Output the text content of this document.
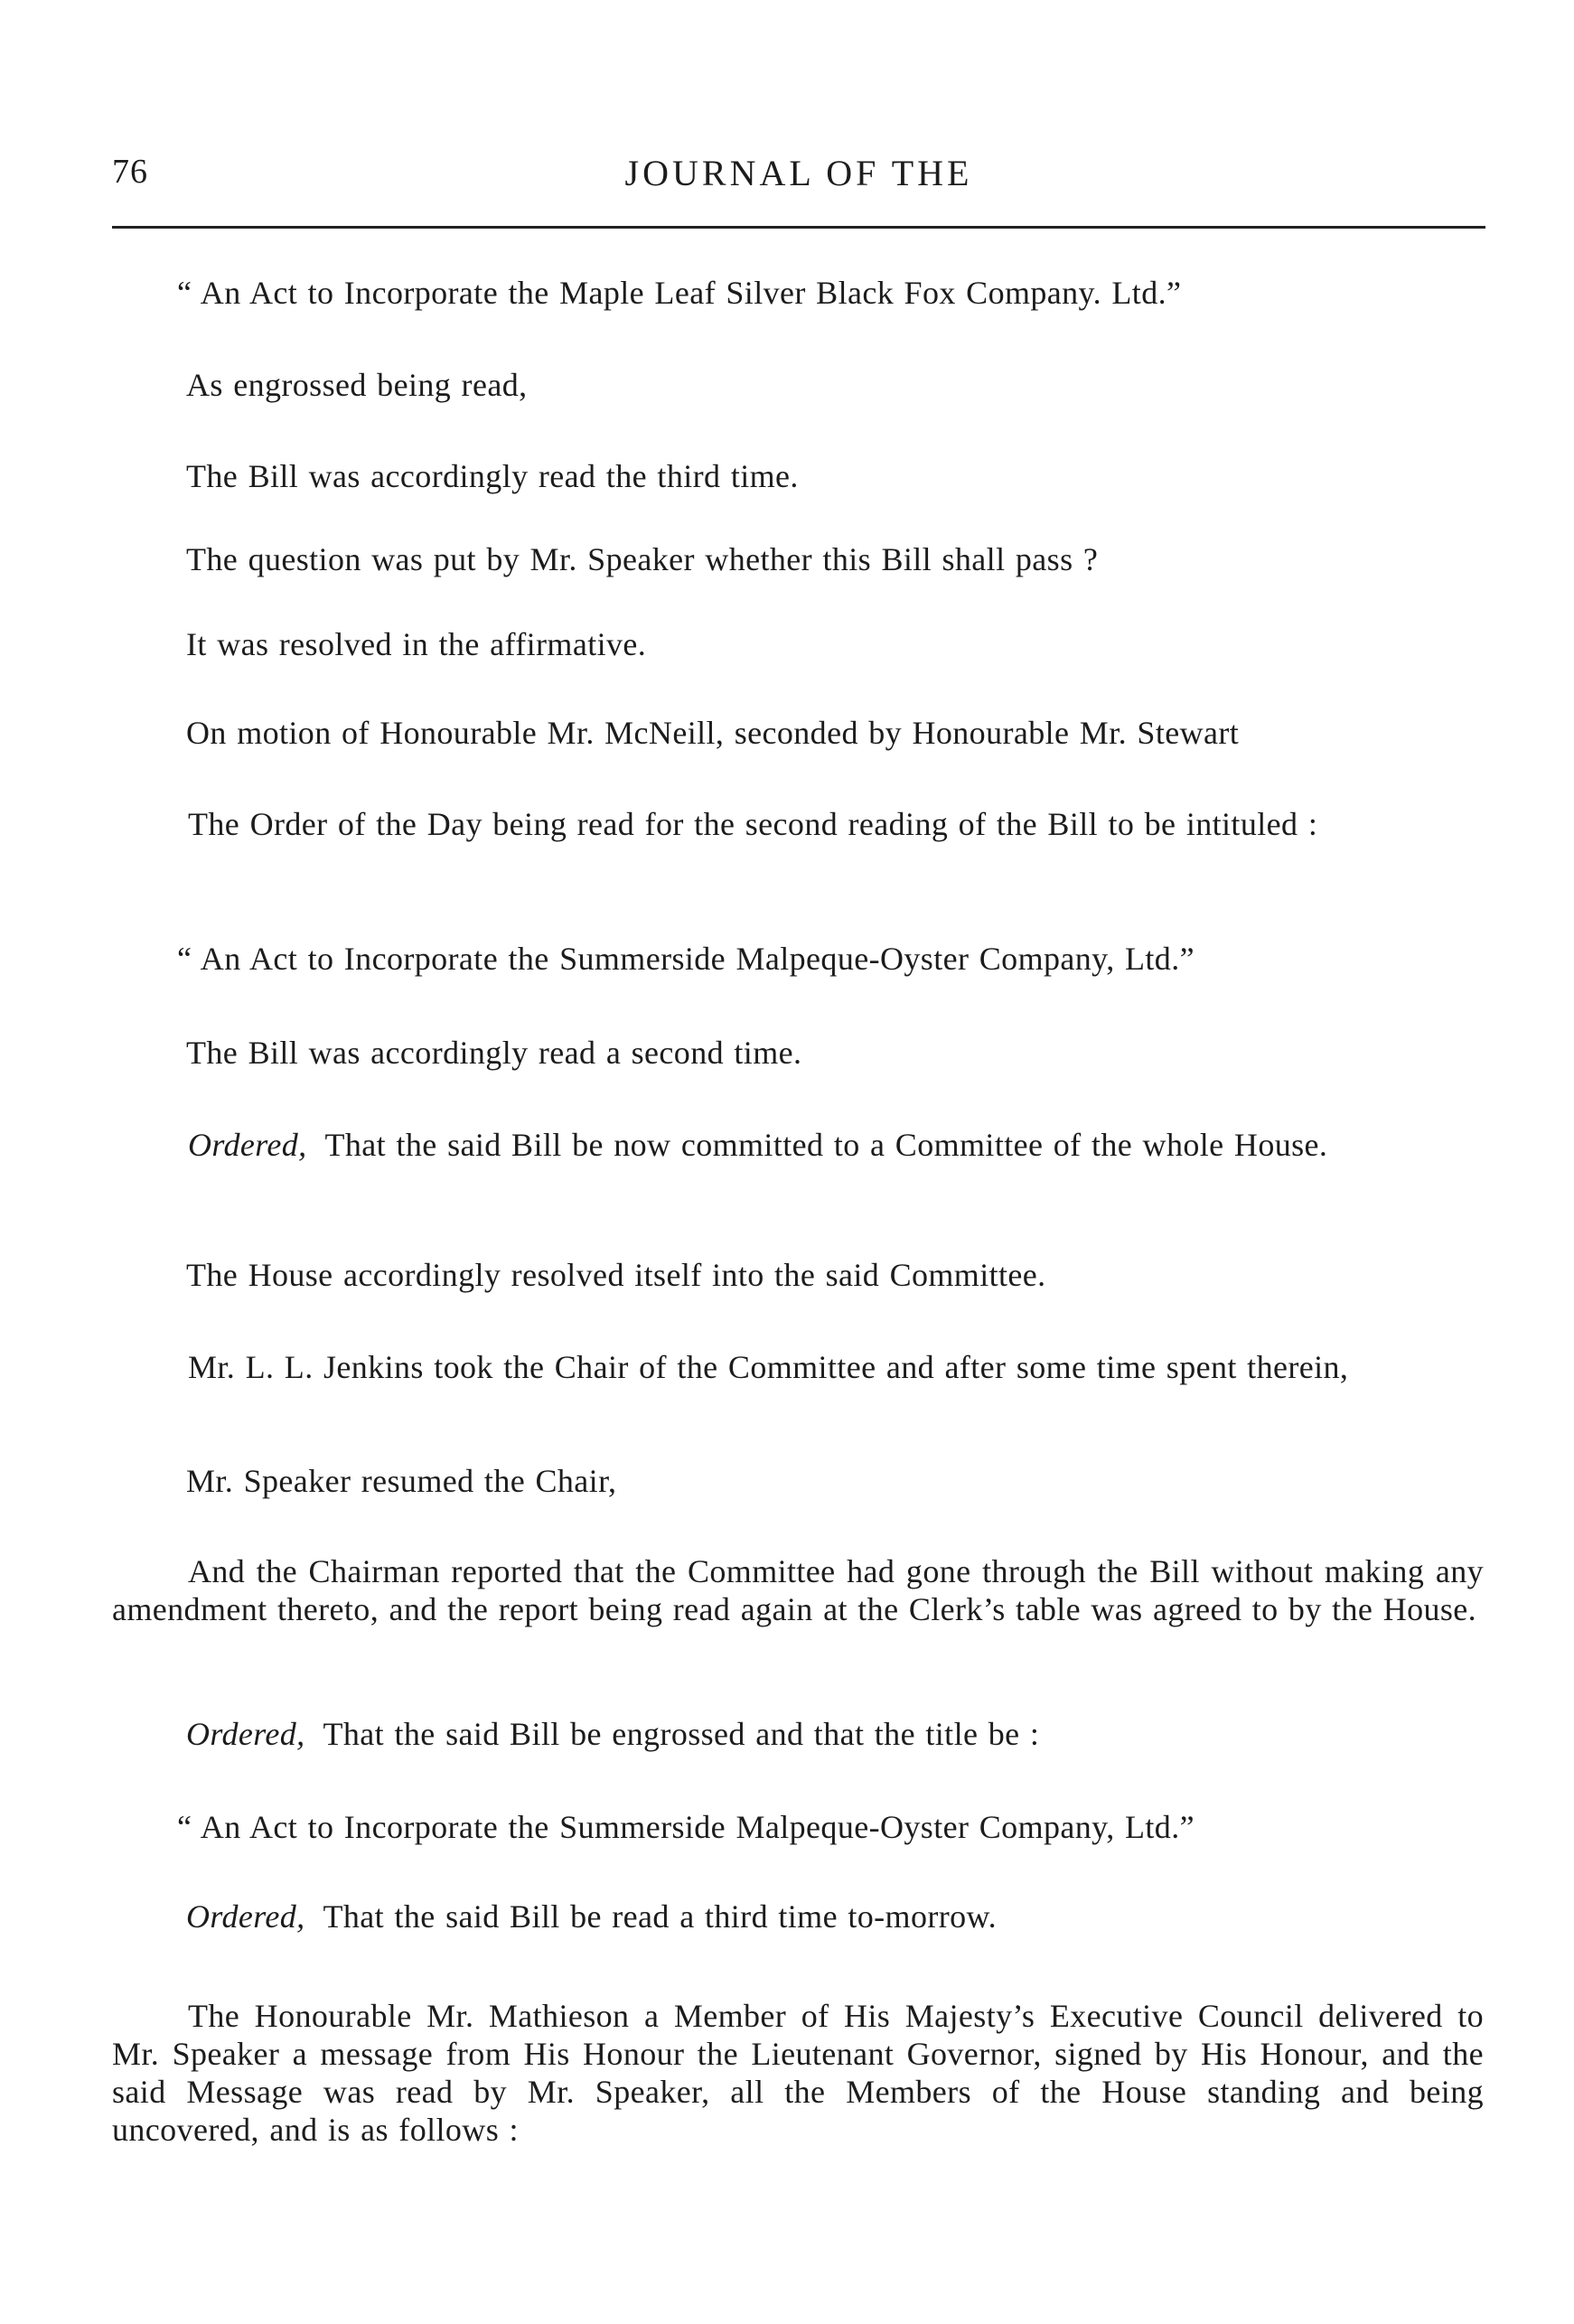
76	JOURNAL OF THE
“ An Act to Incorporate the Maple Leaf Silver Black Fox Company. Ltd.”
As engrossed being read,
The Bill was accordingly read the third time.
The question was put by Mr. Speaker whether this Bill shall pass ?
It was resolved in the affirmative.
On motion of Honourable Mr. McNeill, seconded by Honourable Mr. Stewart
The Order of the Day being read for the second reading of the Bill to be intituled :
“ An Act to Incorporate the Summerside Malpeque-Oyster Company, Ltd.”
The Bill was accordingly read a second time.
Ordered, That the said Bill be now committed to a Committee of the whole House.
The House accordingly resolved itself into the said Committee.
Mr. L. L. Jenkins took the Chair of the Committee and after some time spent therein,
Mr. Speaker resumed the Chair,
And the Chairman reported that the Committee had gone through the Bill without making any amendment thereto, and the report being read again at the Clerk’s table was agreed to by the House.
Ordered, That the said Bill be engrossed and that the title be :
“ An Act to Incorporate the Summerside Malpeque-Oyster Company, Ltd.”
Ordered, That the said Bill be read a third time to-morrow.
The Honourable Mr. Mathieson a Member of His Majesty’s Executive Council delivered to Mr. Speaker a message from His Honour the Lieutenant Governor, signed by His Honour, and the said Message was read by Mr. Speaker, all the Members of the House standing and being uncovered, and is as follows :
